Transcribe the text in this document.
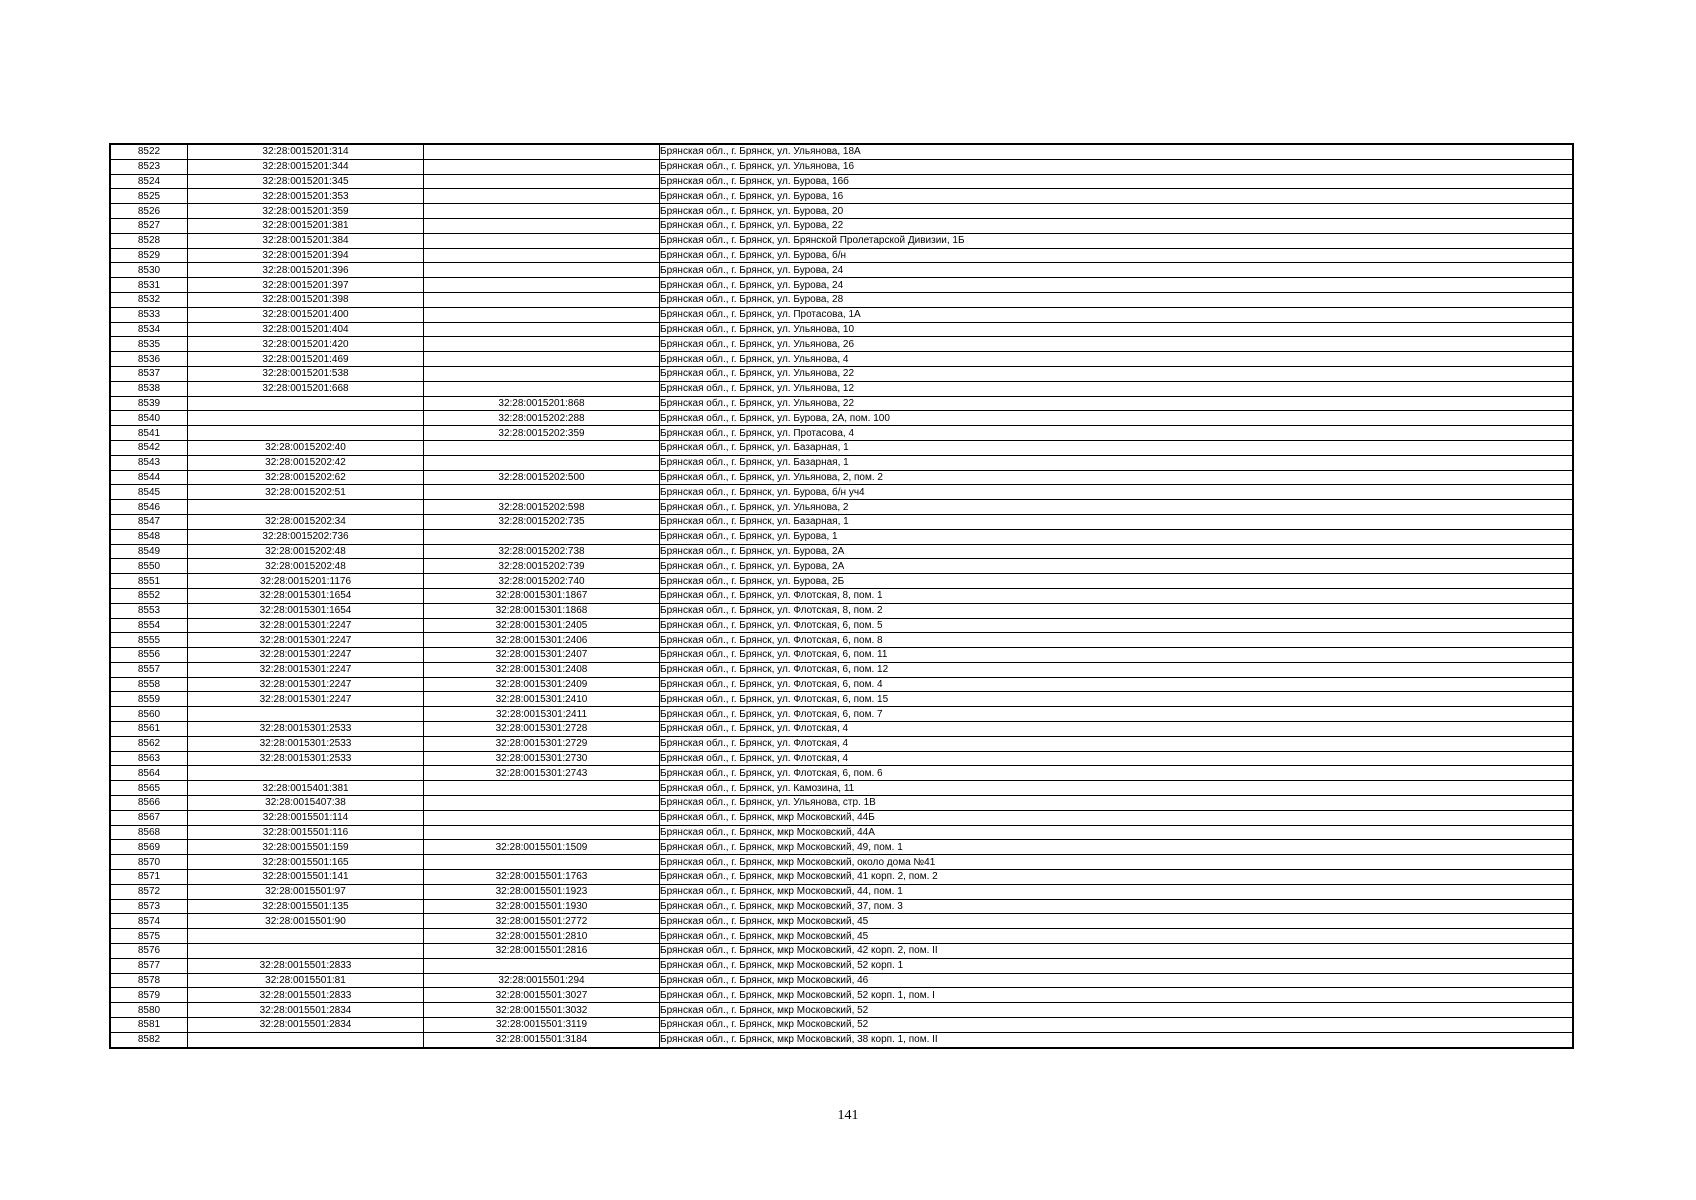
8522	32:28:0015201:314		Брянская обл., г. Брянск, ул. Ульянова, 18А
8523	32:28:0015201:344		Брянская обл., г. Брянск, ул. Ульянова, 16
8524	32:28:0015201:345		Брянская обл., г. Брянск, ул. Бурова, 16б
8525	32:28:0015201:353		Брянская обл., г. Брянск, ул. Бурова, 16
8526	32:28:0015201:359		Брянская обл., г. Брянск, ул. Бурова, 20
8527	32:28:0015201:381		Брянская обл., г. Брянск, ул. Бурова, 22
8528	32:28:0015201:384		Брянская обл., г. Брянск, ул. Брянской Пролетарской Дивизии, 1Б
8529	32:28:0015201:394		Брянская обл., г. Брянск, ул. Бурова, б/н
8530	32:28:0015201:396		Брянская обл., г. Брянск, ул. Бурова, 24
8531	32:28:0015201:397		Брянская обл., г. Брянск, ул. Бурова, 24
8532	32:28:0015201:398		Брянская обл., г. Брянск, ул. Бурова, 28
8533	32:28:0015201:400		Брянская обл., г. Брянск, ул. Протасова, 1А
8534	32:28:0015201:404		Брянская обл., г. Брянск, ул. Ульянова, 10
8535	32:28:0015201:420		Брянская обл., г. Брянск, ул. Ульянова, 26
8536	32:28:0015201:469		Брянская обл., г. Брянск, ул. Ульянова, 4
8537	32:28:0015201:538		Брянская обл., г. Брянск, ул. Ульянова, 22
8538	32:28:0015201:668		Брянская обл., г. Брянск, ул. Ульянова, 12
8539		32:28:0015201:868	Брянская обл., г. Брянск, ул. Ульянова, 22
8540		32:28:0015202:288	Брянская обл., г. Брянск, ул. Бурова, 2А, пом. 100
8541		32:28:0015202:359	Брянская обл., г. Брянск, ул. Протасова, 4
8542	32:28:0015202:40		Брянская обл., г. Брянск, ул. Базарная, 1
8543	32:28:0015202:42		Брянская обл., г. Брянск, ул. Базарная, 1
8544	32:28:0015202:62	32:28:0015202:500	Брянская обл., г. Брянск, ул. Ульянова, 2, пом. 2
8545	32:28:0015202:51		Брянская обл., г. Брянск, ул. Бурова, б/н уч4
8546		32:28:0015202:598	Брянская обл., г. Брянск, ул. Ульянова, 2
8547	32:28:0015202:34	32:28:0015202:735	Брянская обл., г. Брянск, ул. Базарная, 1
8548	32:28:0015202:736		Брянская обл., г. Брянск, ул. Бурова, 1
8549	32:28:0015202:48	32:28:0015202:738	Брянская обл., г. Брянск, ул. Бурова, 2А
8550	32:28:0015202:48	32:28:0015202:739	Брянская обл., г. Брянск, ул. Бурова, 2А
8551	32:28:0015201:1176	32:28:0015202:740	Брянская обл., г. Брянск, ул. Бурова, 2Б
8552	32:28:0015301:1654	32:28:0015301:1867	Брянская обл., г. Брянск, ул. Флотская, 8, пом. 1
8553	32:28:0015301:1654	32:28:0015301:1868	Брянская обл., г. Брянск, ул. Флотская, 8, пом. 2
8554	32:28:0015301:2247	32:28:0015301:2405	Брянская обл., г. Брянск, ул. Флотская, 6, пом. 5
8555	32:28:0015301:2247	32:28:0015301:2406	Брянская обл., г. Брянск, ул. Флотская, 6, пом. 8
8556	32:28:0015301:2247	32:28:0015301:2407	Брянская обл., г. Брянск, ул. Флотская, 6, пом. 11
8557	32:28:0015301:2247	32:28:0015301:2408	Брянская обл., г. Брянск, ул. Флотская, 6, пом. 12
8558	32:28:0015301:2247	32:28:0015301:2409	Брянская обл., г. Брянск, ул. Флотская, 6, пом. 4
8559	32:28:0015301:2247	32:28:0015301:2410	Брянская обл., г. Брянск, ул. Флотская, 6, пом. 15
8560		32:28:0015301:2411	Брянская обл., г. Брянск, ул. Флотская, 6, пом. 7
8561	32:28:0015301:2533	32:28:0015301:2728	Брянская обл., г. Брянск, ул. Флотская, 4
8562	32:28:0015301:2533	32:28:0015301:2729	Брянская обл., г. Брянск, ул. Флотская, 4
8563	32:28:0015301:2533	32:28:0015301:2730	Брянская обл., г. Брянск, ул. Флотская, 4
8564		32:28:0015301:2743	Брянская обл., г. Брянск, ул. Флотская, 6, пом. 6
8565	32:28:0015401:381		Брянская обл., г. Брянск, ул. Камозина, 11
8566	32:28:0015407:38		Брянская обл., г. Брянск, ул. Ульянова, стр. 1В
8567	32:28:0015501:114		Брянская обл., г. Брянск, мкр Московский, 44Б
8568	32:28:0015501:116		Брянская обл., г. Брянск, мкр Московский, 44А
8569	32:28:0015501:159	32:28:0015501:1509	Брянская обл., г. Брянск, мкр Московский, 49, пом. 1
8570	32:28:0015501:165		Брянская обл., г. Брянск, мкр Московский, около дома №41
8571	32:28:0015501:141	32:28:0015501:1763	Брянская обл., г. Брянск, мкр Московский, 41 корп. 2, пом. 2
8572	32:28:0015501:97	32:28:0015501:1923	Брянская обл., г. Брянск, мкр Московский, 44, пом. 1
8573	32:28:0015501:135	32:28:0015501:1930	Брянская обл., г. Брянск, мкр Московский, 37, пом. 3
8574	32:28:0015501:90	32:28:0015501:2772	Брянская обл., г. Брянск, мкр Московский, 45
8575		32:28:0015501:2810	Брянская обл., г. Брянск, мкр Московский, 45
8576		32:28:0015501:2816	Брянская обл., г. Брянск, мкр Московский, 42 корп. 2, пом. II
8577	32:28:0015501:2833		Брянская обл., г. Брянск, мкр Московский, 52 корп. 1
8578	32:28:0015501:81	32:28:0015501:294	Брянская обл., г. Брянск, мкр Московский, 46
8579	32:28:0015501:2833	32:28:0015501:3027	Брянская обл., г. Брянск, мкр Московский, 52 корп. 1, пом. I
8580	32:28:0015501:2834	32:28:0015501:3032	Брянская обл., г. Брянск, мкр Московский, 52
8581	32:28:0015501:2834	32:28:0015501:3119	Брянская обл., г. Брянск, мкр Московский, 52
8582		32:28:0015501:3184	Брянская обл., г. Брянск, мкр Московский, 38 корп. 1, пом. II
141
